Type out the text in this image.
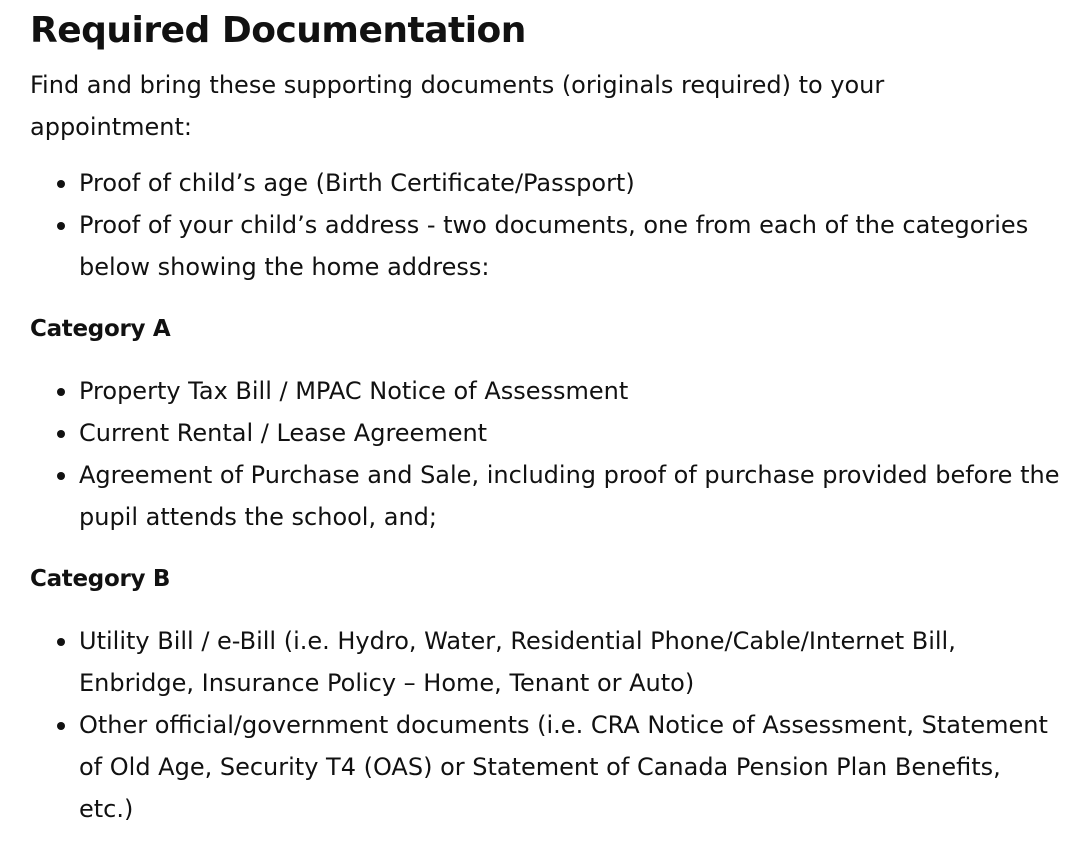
Required Documentation

Find and bring these supporting documents (originals required) to your appointment:

Proof of child’s age (Birth Certificate/Passport)
Proof of your child’s address - two documents, one from each of the categories below showing the home address:
Category A
Property Tax Bill / MPAC Notice of Assessment
Current Rental / Lease Agreement
Agreement of Purchase and Sale, including proof of purchase provided before the pupil attends the school, and;
Category B
Utility Bill / e-Bill (i.e. Hydro, Water, Residential Phone/Cable/Internet Bill, Enbridge, Insurance Policy – Home, Tenant or Auto)
Other official/government documents (i.e. CRA Notice of Assessment, Statement of Old Age, Security T4 (OAS) or Statement of Canada Pension Plan Benefits, etc.)
